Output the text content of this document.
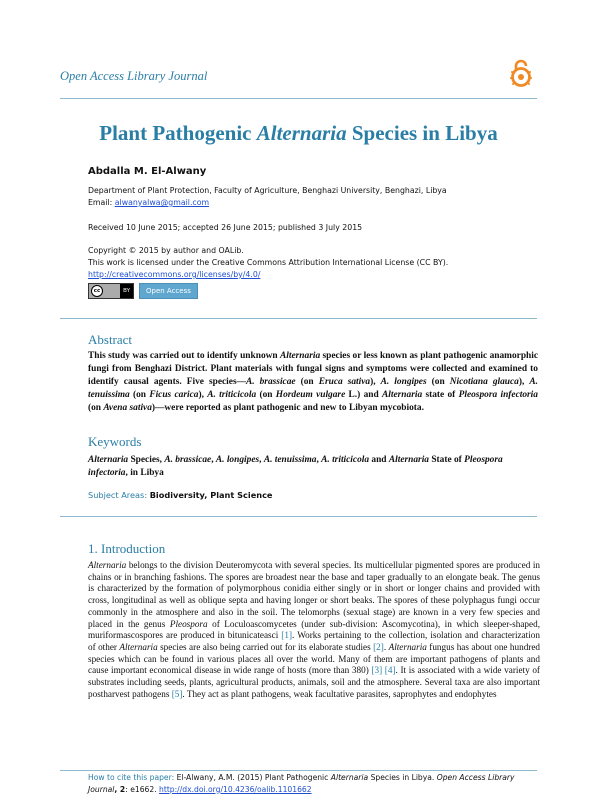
Open Access Library Journal
Plant Pathogenic Alternaria Species in Libya
Abdalla M. El-Alwany
Department of Plant Protection, Faculty of Agriculture, Benghazi University, Benghazi, Libya
Email: alwanyalwa@gmail.com
Received 10 June 2015; accepted 26 June 2015; published 3 July 2015
Copyright © 2015 by author and OALib.
This work is licensed under the Creative Commons Attribution International License (CC BY).
http://creativecommons.org/licenses/by/4.0/
cc	BY	Open Access
Abstract
This study was carried out to identify unknown Alternaria species or less known as plant pathogenic anamorphic fungi from Benghazi District. Plant materials with fungal signs and symptoms were collected and examined to identify causal agents. Five species—A. brassicae (on Eruca sativa), A. longipes (on Nicotiana glauca), A. tenuissima (on Ficus carica), A. triticicola (on Hordeum vulgare L.) and Alternaria state of Pleospora infectoria (on Avena sativa)—were reported as plant pathogenic and new to Libyan mycobiota.
Keywords
Alternaria Species, A. brassicae, A. longipes, A. tenuissima, A. triticicola and Alternaria State of Pleospora infectoria, in Libya
Subject Areas: Biodiversity, Plant Science
1. Introduction
Alternaria belongs to the division Deuteromycota with several species. Its multicellular pigmented spores are produced in chains or in branching fashions. The spores are broadest near the base and taper gradually to an elongate beak. The genus is characterized by the formation of polymorphous conidia either singly or in short or longer chains and provided with cross, longitudinal as well as oblique septa and having longer or short beaks. The spores of these polyphagus fungi occur commonly in the atmosphere and also in the soil. The telomorphs (sexual stage) are known in a very few species and placed in the genus Pleospora of Loculoascomycetes (under sub-division: Ascomycotina), in which sleeper-shaped, muriformascospores are produced in bitunicateasci [1]. Works pertaining to the collection, isolation and characterization of other Alternaria species are also being carried out for its elaborate studies [2]. Alternaria fungus has about one hundred species which can be found in various places all over the world. Many of them are important pathogens of plants and cause important economical disease in wide range of hosts (more than 380) [3] [4]. It is associated with a wide variety of substrates including seeds, plants, agricultural products, animals, soil and the atmosphere. Several taxa are also important postharvest pathogens [5]. They act as plant pathogens, weak facultative parasites, saprophytes and endophytes
How to cite this paper: El-Alwany, A.M. (2015) Plant Pathogenic Alternaria Species in Libya. Open Access Library Journal, 2: e1662. http://dx.doi.org/10.4236/oalib.1101662
